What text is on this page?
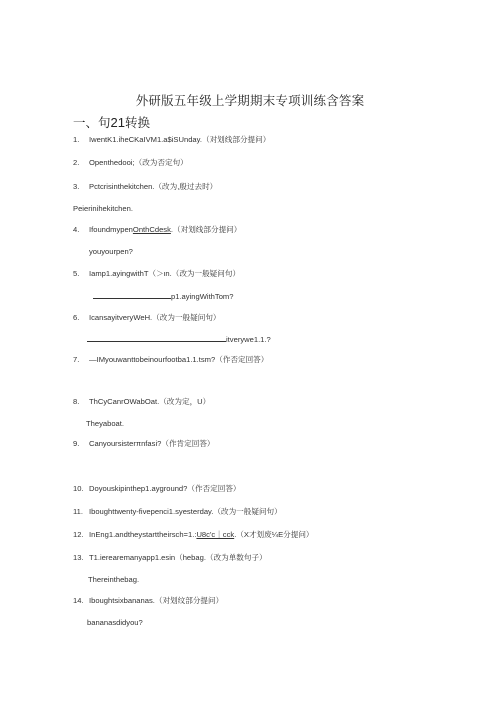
外研版五年级上学期期末专项训练含答案
一、句21转换
1. IwentK1.iheCKaIVM1.a$iSUnday.（对划线部分提问）
2. Openthedooi;（改为否定句）
3. Pctcrisinthekitchen.（改为,殷过去时）
Peierinihekitchen.
4. IfoundmypenOnthCdesk.（对划线部分提问）
youyourpen?
5. Iamp1.ayingwithT（＞ιn.（改为一般疑问句）
p1.ayingWithTom?
6. IcansayitveryWeH.（改为一般疑问句）
itverywe1.1.?
7. —IMyouwanttobeinourfootba1.1.tsm?（作否定回答）
8. ThCyCanrOWabOat.（改为定，U）
Theyaboat.
9. Canyoursisterπnfasi?（作肯定回答）
10. Doyouskipinthep1.ayground?（作否定回答）
11. Iboughttwenty-fivepenci1.syesterday.（改为一般疑问句）
12. InEng1.andtheystarttheirsch=1.:U8c'c｜cck.（X才划废¼E分提问）
13. T1.ierearemanyapp1.esin（hebag.（改为单数句子）
Thereinthebag.
14. Iboughtsixbananas.（对划纹部分提问）
bananasdidyou?
